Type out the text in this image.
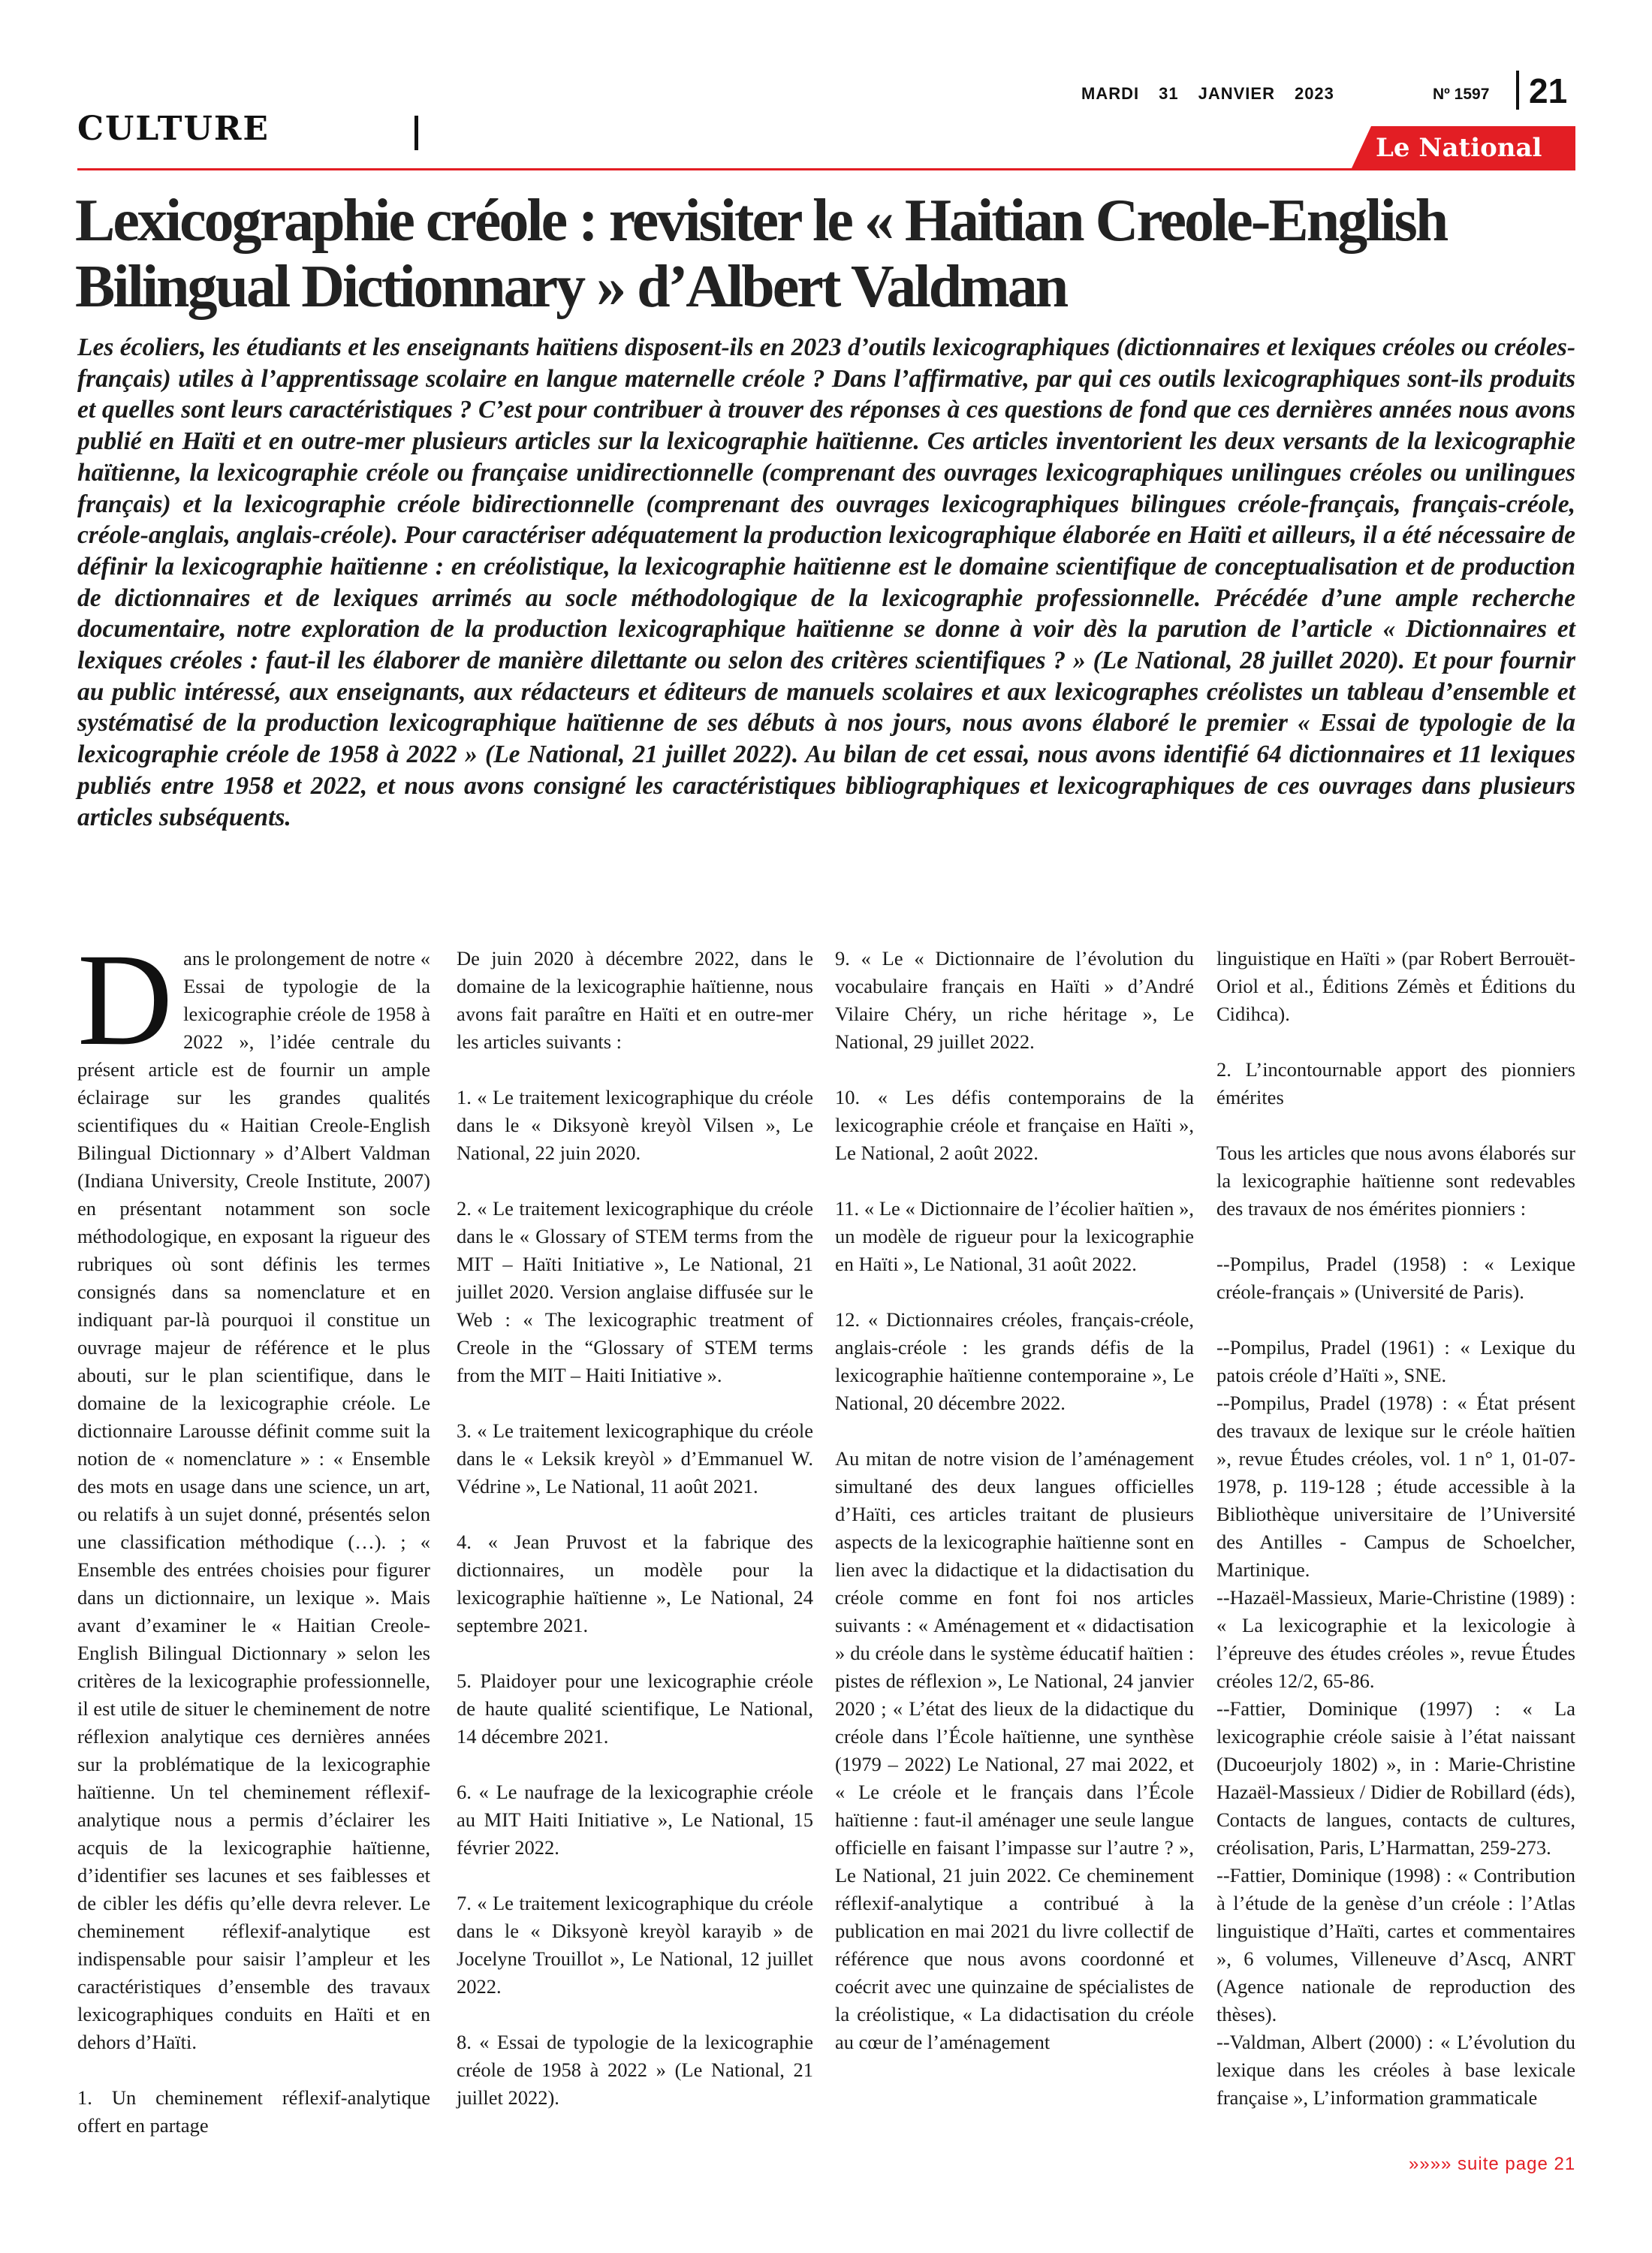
CULTURE
MARDI 31 JANVIER 2023	Nº 1597 21
Le National
Lexicographie créole : revisiter le « Haitian Creole-English Bilingual Dictionnary » d’Albert Valdman

Les écoliers, les étudiants et les enseignants haïtiens disposent-ils en 2023 d’outils lexicographiques (dictionnaires et lexiques créoles ou créoles-français) utiles à l’apprentissage scolaire en langue maternelle créole ? Dans l’affirmative, par qui ces outils lexicographiques sont-ils produits et quelles sont leurs caractéristiques ? C’est pour contribuer à trouver des réponses à ces questions de fond que ces dernières années nous avons publié en Haïti et en outre-mer plusieurs articles sur la lexicographie haïtienne. Ces articles inventorient les deux versants de la lexicographie haïtienne, la lexicographie créole ou française unidirectionnelle (comprenant des ouvrages lexicographiques unilingues créoles ou unilingues français) et la lexicographie créole bidirectionnelle (comprenant des ouvrages lexicographiques bilingues créole-français, français-créole, créole-anglais, anglais-créole). Pour caractériser adéquatement la production lexicographique élaborée en Haïti et ailleurs, il a été nécessaire de définir la lexicographie haïtienne : en créolistique, la lexicographie haïtienne est le domaine scientifique de conceptualisation et de production de dictionnaires et de lexiques arrimés au socle méthodologique de la lexicographie professionnelle. Précédée d’une ample recherche documentaire, notre exploration de la production lexicographique haïtienne se donne à voir dès la parution de l’article « Dictionnaires et lexiques créoles : faut-il les élaborer de manière dilettante ou selon des critères scientifiques ? » (Le National, 28 juillet 2020). Et pour fournir au public intéressé, aux enseignants, aux rédacteurs et éditeurs de manuels scolaires et aux lexicographes créolistes un tableau d’ensemble et systématisé de la production lexicographique haïtienne de ses débuts à nos jours, nous avons élaboré le premier « Essai de typologie de la lexicographie créole de 1958 à 2022 » (Le National, 21 juillet 2022). Au bilan de cet essai, nous avons identifié 64 dictionnaires et 11 lexiques publiés entre 1958 et 2022, et nous avons consigné les caractéristiques bibliographiques et lexicographiques de ces ouvrages dans plusieurs articles subséquents.

Dans le prolongement de notre « Essai de typologie de la lexicographie créole de 1958 à 2022 », l’idée centrale du présent article est de fournir un ample éclairage sur les grandes qualités scientifiques du « Haitian Creole-English Bilingual Dictionnary » d’Albert Valdman (Indiana University, Creole Institute, 2007) en présentant notamment son socle méthodologique, en exposant la rigueur des rubriques où sont définis les termes consignés dans sa nomenclature et en indiquant par-là pourquoi il constitue un ouvrage majeur de référence et le plus abouti, sur le plan scientifique, dans le domaine de la lexicographie créole. Le dictionnaire Larousse définit comme suit la notion de « nomenclature » : « Ensemble des mots en usage dans une science, un art, ou relatifs à un sujet donné, présentés selon une classification méthodique (…). ; « Ensemble des entrées choisies pour figurer dans un dictionnaire, un lexique ». Mais avant d’examiner le « Haitian Creole-English Bilingual Dictionnary » selon les critères de la lexicographie professionnelle, il est utile de situer le cheminement de notre réflexion analytique ces dernières années sur la problématique de la lexicographie haïtienne. Un tel cheminement réflexif-analytique nous a permis d’éclairer les acquis de la lexicographie haïtienne, d’identifier ses lacunes et ses faiblesses et de cibler les défis qu’elle devra relever. Le cheminement réflexif-analytique est indispensable pour saisir l’ampleur et les caractéristiques d’ensemble des travaux lexicographiques conduits en Haïti et en dehors d’Haïti.

1. Un cheminement réflexif-analytique offert en partage

De juin 2020 à décembre 2022, dans le domaine de la lexicographie haïtienne, nous avons fait paraître en Haïti et en outre-mer les articles suivants :

1. « Le traitement lexicographique du créole dans le « Diksyonè kreyòl Vilsen », Le National, 22 juin 2020.

2. « Le traitement lexicographique du créole dans le « Glossary of STEM terms from the MIT – Haïti Initiative », Le National, 21 juillet 2020. Version anglaise diffusée sur le Web : « The lexicographic treatment of Creole in the “Glossary of STEM terms from the MIT – Haiti Initiative ».

3. « Le traitement lexicographique du créole dans le « Leksik kreyòl » d’Emmanuel W. Védrine », Le National, 11 août 2021.

4. « Jean Pruvost et la fabrique des dictionnaires, un modèle pour la lexicographie haïtienne », Le National, 24 septembre 2021.

5. Plaidoyer pour une lexicographie créole de haute qualité scientifique, Le National, 14 décembre 2021.

6. « Le naufrage de la lexicographie créole au MIT Haiti Initiative », Le National, 15 février 2022.

7. « Le traitement lexicographique du créole dans le « Diksyonè kreyòl karayib » de Jocelyne Trouillot », Le National, 12 juillet 2022.

8. « Essai de typologie de la lexicographie créole de 1958 à 2022 » (Le National, 21 juillet 2022).

9. « Le « Dictionnaire de l’évolution du vocabulaire français en Haïti » d’André Vilaire Chéry, un riche héritage », Le National, 29 juillet 2022.

10. « Les défis contemporains de la lexicographie créole et française en Haïti », Le National, 2 août 2022.

11. « Le « Dictionnaire de l’écolier haïtien », un modèle de rigueur pour la lexicographie en Haïti », Le National, 31 août 2022.

12. « Dictionnaires créoles, français-créole, anglais-créole : les grands défis de la lexicographie haïtienne contemporaine », Le National, 20 décembre 2022.

Au mitan de notre vision de l’aménagement simultané des deux langues officielles d’Haïti, ces articles traitant de plusieurs aspects de la lexicographie haïtienne sont en lien avec la didactique et la didactisation du créole comme en font foi nos articles suivants : « Aménagement et « didactisation » du créole dans le système éducatif haïtien : pistes de réflexion », Le National, 24 janvier 2020 ; « L’état des lieux de la didactique du créole dans l’École haïtienne, une synthèse (1979 – 2022) Le National, 27 mai 2022, et « Le créole et le français dans l’École haïtienne : faut-il aménager une seule langue officielle en faisant l’impasse sur l’autre ? », Le National, 21 juin 2022. Ce cheminement réflexif-analytique a contribué à la publication en mai 2021 du livre collectif de référence que nous avons coordonné et coécrit avec une quinzaine de spécialistes de la créolistique, « La didactisation du créole au cœur de l’aménagement

linguistique en Haïti » (par Robert Berrouët-Oriol et al., Éditions Zémès et Éditions du Cidihca).

2. L’incontournable apport des pionniers émérites

Tous les articles que nous avons élaborés sur la lexicographie haïtienne sont redevables des travaux de nos émérites pionniers :

--Pompilus, Pradel (1958) : « Lexique créole-français » (Université de Paris).

--Pompilus, Pradel (1961) : « Lexique du patois créole d’Haïti », SNE.

--Pompilus, Pradel (1978) : « État présent des travaux de lexique sur le créole haïtien », revue Études créoles, vol. 1 n° 1, 01-07-1978, p. 119-128 ; étude accessible à la Bibliothèque universitaire de l’Université des Antilles - Campus de Schoelcher, Martinique.

--Hazaël-Massieux, Marie-Christine (1989) : « La lexicographie et la lexicologie à l’épreuve des études créoles », revue Études créoles 12/2, 65-86.

--Fattier, Dominique (1997) : « La lexicographie créole saisie à l’état naissant (Ducoeurjoly 1802) », in : Marie-Christine Hazaël-Massieux / Didier de Robillard (éds), Contacts de langues, contacts de cultures, créolisation, Paris, L’Harmattan, 259-273.

--Fattier, Dominique (1998) : « Contribution à l’étude de la genèse d’un créole : l’Atlas linguistique d’Haïti, cartes et commentaires », 6 volumes, Villeneuve d’Ascq, ANRT (Agence nationale de reproduction des thèses).

--Valdman, Albert (2000) : « L’évolution du lexique dans les créoles à base lexicale française », L’information grammaticale

»»»» suite page 21
